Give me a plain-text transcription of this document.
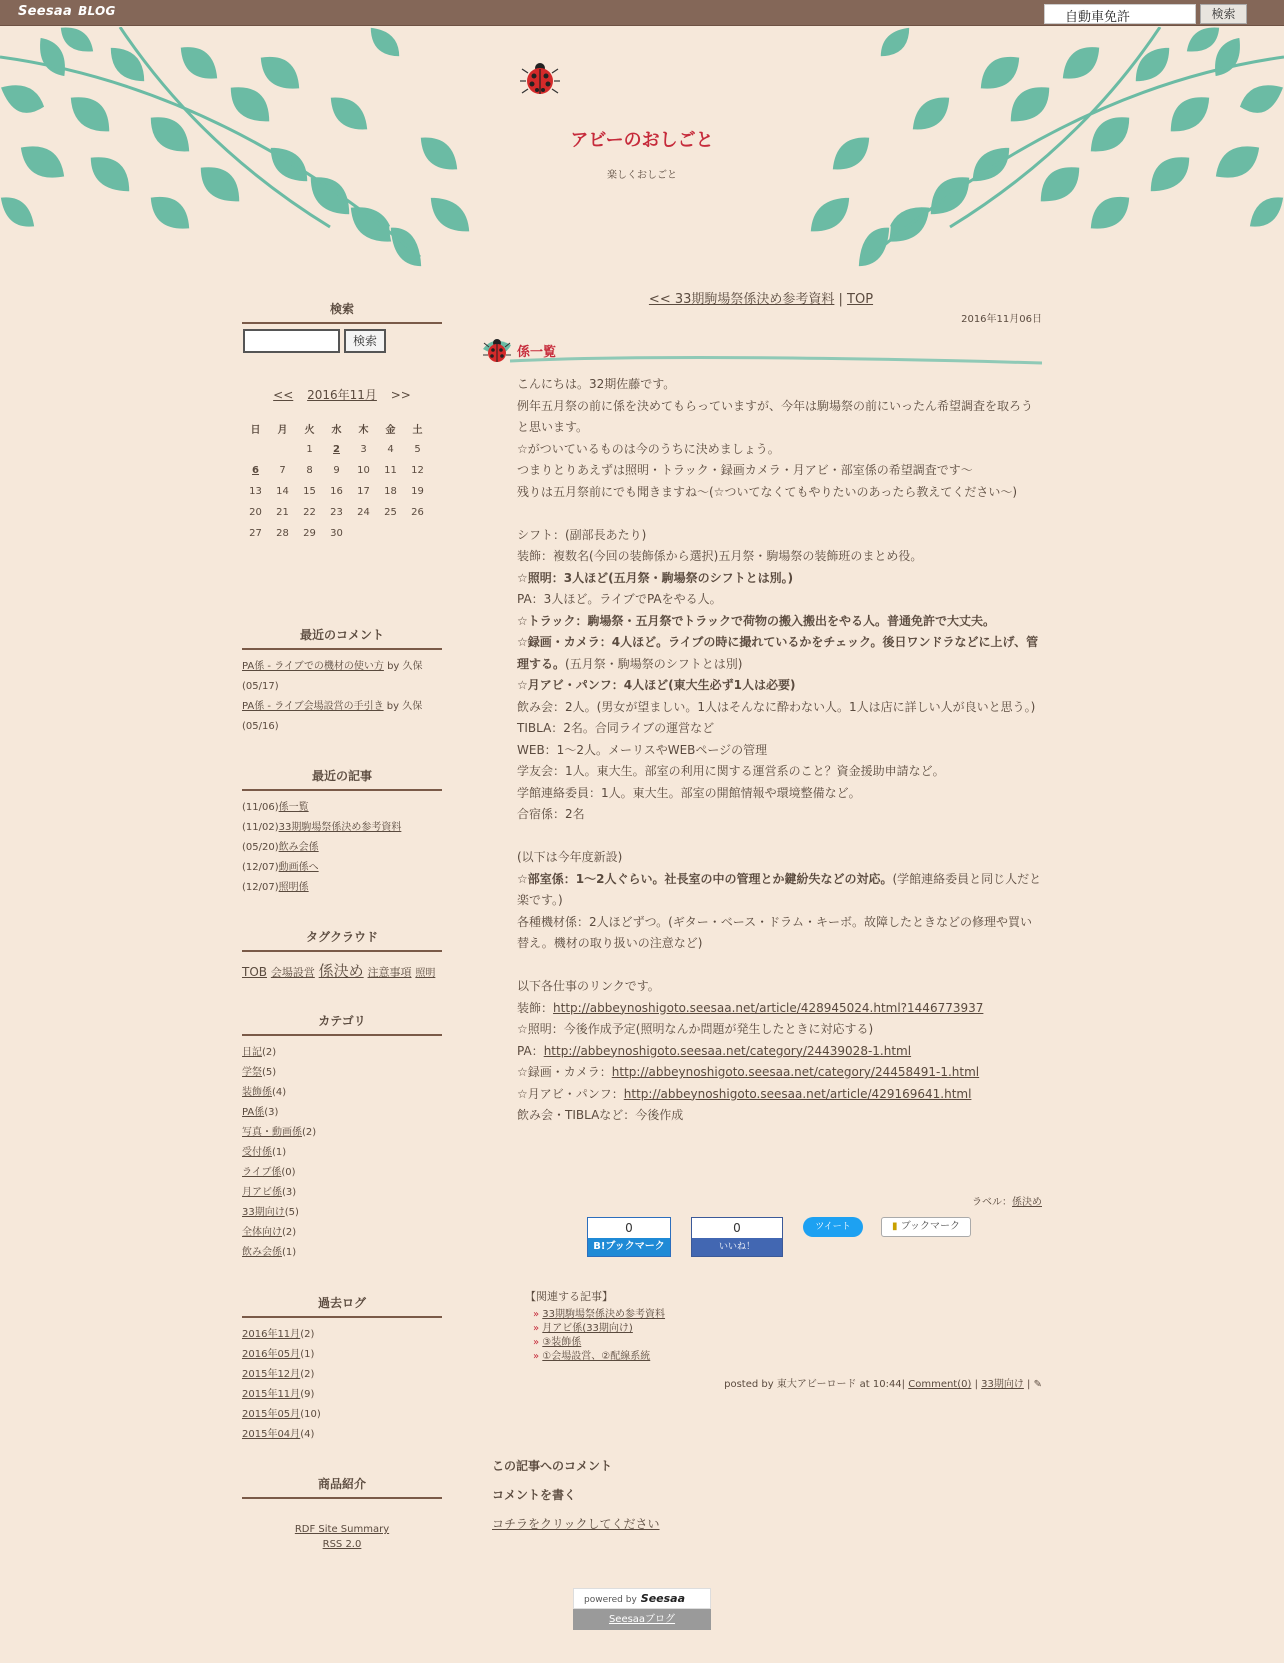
Seesaa BLOG	自動車免許	検索
アビーのおしごと
楽しくおしごと
検索
検索
<< 2016年11月 >>
日	月	火	水	木	金	土
		1	2	3	4	5
6	7	8	9	10	11	12
13	14	15	16	17	18	19
20	21	22	23	24	25	26
27	28	29	30			
最近のコメント
PA係 - ライブでの機材の使い方 by 久保
(05/17)
PA係 - ライブ会場設営の手引き by 久保
(05/16)
最近の記事
(11/06)係一覧
(11/02)33期駒場祭係決め参考資料
(05/20)飲み会係
(12/07)動画係へ
(12/07)照明係
タグクラウド
TOB 会場設営 係決め 注意事項 照明
カテゴリ
日記(2)
学祭(5)
装飾係(4)
PA係(3)
写真・動画係(2)
受付係(1)
ライブ係(0)
月アビ係(3)
33期向け(5)
全体向け(2)
飲み会係(1)
過去ログ
2016年11月(2)
2016年05月(1)
2015年12月(2)
2015年11月(9)
2015年05月(10)
2015年04月(4)
商品紹介
RDF Site Summary
RSS 2.0
<< 33期駒場祭係決め参考資料 | TOP
2016年11月06日
係一覧

こんにちは。32期佐藤です。

例年五月祭の前に係を決めてもらっていますが、今年は駒場祭の前にいったん希望調査を取ろうと思います。

☆がついているものは今のうちに決めましょう。

つまりとりあえずは照明・トラック・録画カメラ・月アビ・部室係の希望調査です〜

残りは五月祭前にでも聞きますね〜(☆ついてなくてもやりたいのあったら教えてください〜)

シフト：(副部長あたり)

装飾：複数名(今回の装飾係から選択)五月祭・駒場祭の装飾班のまとめ役。

☆照明：3人ほど(五月祭・駒場祭のシフトとは別。)

PA：3人ほど。ライブでPAをやる人。

☆トラック：駒場祭・五月祭でトラックで荷物の搬入搬出をやる人。普通免許で大丈夫。

☆録画・カメラ：4人ほど。ライブの時に撮れているかをチェック。後日ワンドラなどに上げ、管理する。(五月祭・駒場祭のシフトとは別)

☆月アビ・パンフ：4人ほど(東大生必ず1人は必要)

飲み会：2人。(男女が望ましい。1人はそんなに酔わない人。1人は店に詳しい人が良いと思う。)

TIBLA：2名。合同ライブの運営など

WEB：1〜2人。メーリスやWEBページの管理

学友会：1人。東大生。部室の利用に関する運営系のこと？資金援助申請など。

学館連絡委員：1人。東大生。部室の開館情報や環境整備など。

合宿係：2名

(以下は今年度新設)

☆部室係：1〜2人ぐらい。社長室の中の管理とか鍵紛失などの対応。(学館連絡委員と同じ人だと楽です。)

各種機材係：2人ほどずつ。(ギター・ベース・ドラム・キーボ。故障したときなどの修理や買い替え。機材の取り扱いの注意など)

以下各仕事のリンクです。

装飾：http://abbeynoshigoto.seesaa.net/article/428945024.html?1446773937

☆照明：今後作成予定(照明なんか問題が発生したときに対応する)

PA：http://abbeynoshigoto.seesaa.net/category/24439028-1.html

☆録画・カメラ：http://abbeynoshigoto.seesaa.net/category/24458491-1.html

☆月アビ・パンフ：http://abbeynoshigoto.seesaa.net/article/429169641.html

飲み会・TIBLAなど：今後作成

ラベル：係決め
0
B!ブックマーク
0
いいね！
ツイート	▮ ブックマーク
【関連する記事】
» 33期駒場祭係決め参考資料
» 月アビ係(33期向け)
» ③装飾係
» ①会場設営、②配線系統
posted by 東大アビーロード at 10:44| Comment(0) | 33期向け | ✎
この記事へのコメント
コメントを書く
コチラをクリックしてください
powered by Seesaa
Seesaaブログ
